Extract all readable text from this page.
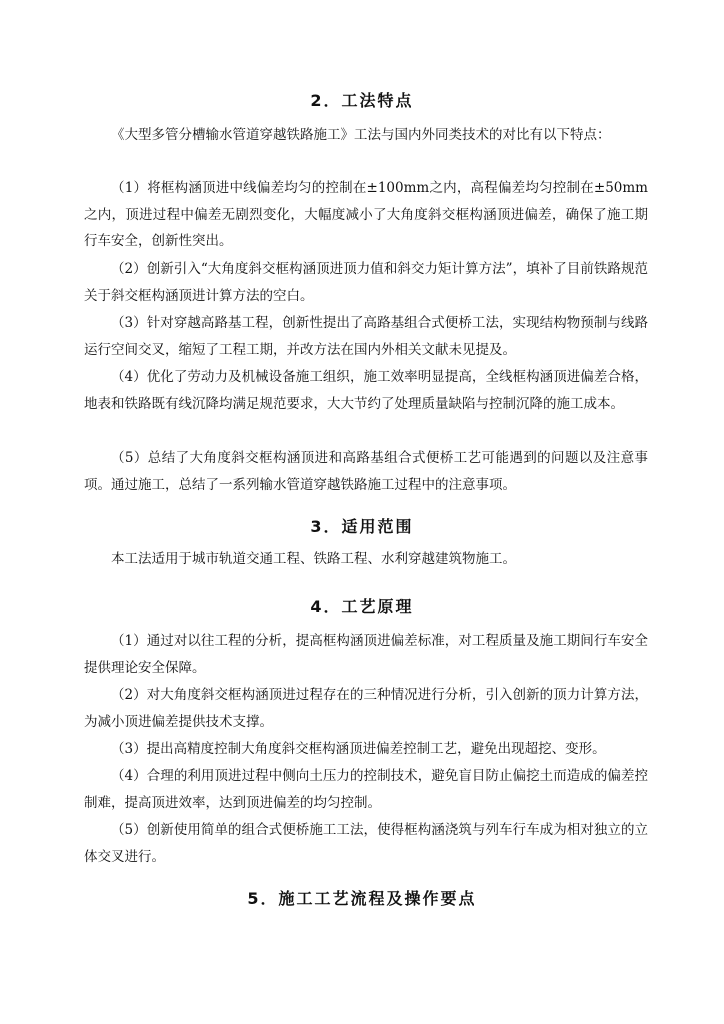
2．工法特点

《大型多管分槽输水管道穿越铁路施工》工法与国内外同类技术的对比有以下特点：

（1）将框构涵顶进中线偏差均匀的控制在±100mm之内，高程偏差均匀控制在±50mm之内，顶进过程中偏差无剧烈变化，大幅度减小了大角度斜交框构涵顶进偏差，确保了施工期行车安全，创新性突出。

（2）创新引入“大角度斜交框构涵顶进顶力值和斜交力矩计算方法”，填补了目前铁路规范关于斜交框构涵顶进计算方法的空白。

（3）针对穿越高路基工程，创新性提出了高路基组合式便桥工法，实现结构物预制与线路运行空间交叉，缩短了工程工期，并改方法在国内外相关文献未见提及。

（4）优化了劳动力及机械设备施工组织，施工效率明显提高，全线框构涵顶进偏差合格，地表和铁路既有线沉降均满足规范要求，大大节约了处理质量缺陷与控制沉降的施工成本。

（5）总结了大角度斜交框构涵顶进和高路基组合式便桥工艺可能遇到的问题以及注意事项。通过施工，总结了一系列输水管道穿越铁路施工过程中的注意事项。

3．适用范围

本工法适用于城市轨道交通工程、铁路工程、水利穿越建筑物施工。

4．工艺原理

（1）通过对以往工程的分析，提高框构涵顶进偏差标准，对工程质量及施工期间行车安全提供理论安全保障。

（2）对大角度斜交框构涵顶进过程存在的三种情况进行分析，引入创新的顶力计算方法，为减小顶进偏差提供技术支撑。

（3）提出高精度控制大角度斜交框构涵顶进偏差控制工艺，避免出现超挖、变形。

（4）合理的利用顶进过程中侧向土压力的控制技术，避免盲目防止偏挖土而造成的偏差控制难，提高顶进效率，达到顶进偏差的均匀控制。

（5）创新使用简单的组合式便桥施工工法，使得框构涵浇筑与列车行车成为相对独立的立体交叉进行。

5．施工工艺流程及操作要点
